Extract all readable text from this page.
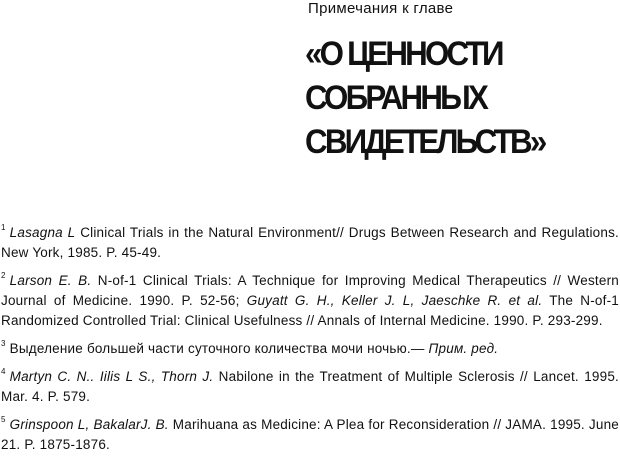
Примечания к главе
«О ЦЕННОСТИ
СОБРАННЫХ
СВИДЕТЕЛЬСТВ»

$^1$ Lasagna L Clinical Trials in the Natural Environment// Drugs Between Research and Regulations. New York, 1985. P. 45-49.

$^2$ Larson E. B. N-of-1 Clinical Trials: A Technique for Improving Medical Therapeutics // Western Journal of Medicine. 1990. P. 52-56; Guyatt G. H., Keller J. L, Jaeschke R. et al. The N-of-1 Randomized Controlled Trial: Clinical Usefulness // Annals of Internal Medicine. 1990. P. 293-299.

$^3$ Выделение большей части суточного количества мочи ночью.— Прим. ред.

$^4$ Martyn C. N.. Iilis L S., Thorn J. Nabilone in the Treatment of Multiple Sclerosis // Lancet. 1995. Mar. 4. P. 579.

$^5$ Grinspoon L, BakalarJ. B. Marihuana as Medicine: A Plea for Reconsideration // JAMA. 1995. June 21. P. 1875-1876.
